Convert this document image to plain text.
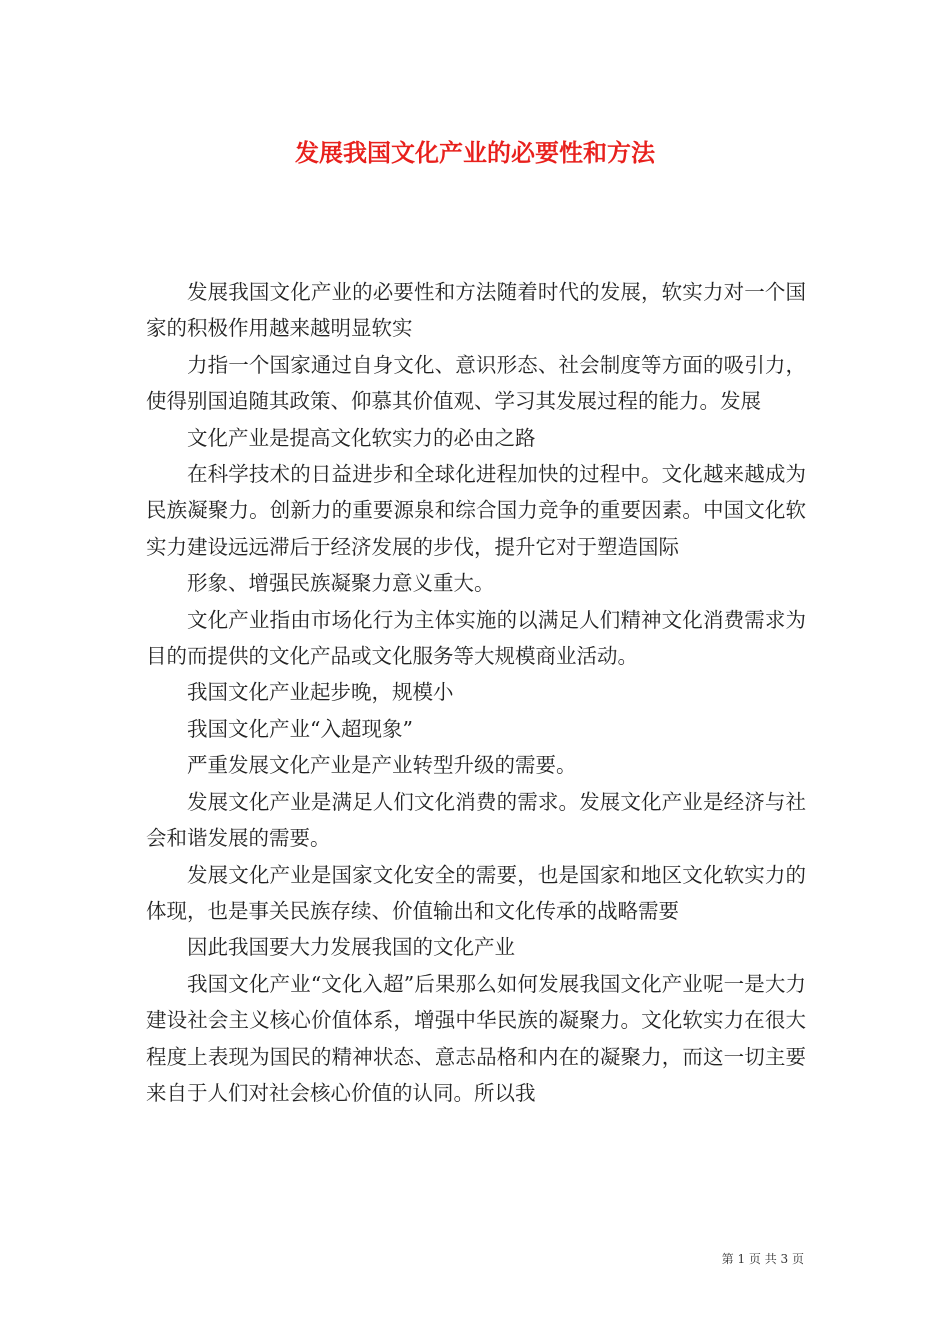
发展我国文化产业的必要性和方法

发展我国文化产业的必要性和方法随着时代的发展，软实力对一个国家的积极作用越来越明显软实

力指一个国家通过自身文化、意识形态、社会制度等方面的吸引力，使得别国追随其政策、仰慕其价值观、学习其发展过程的能力。发展

文化产业是提高文化软实力的必由之路

在科学技术的日益进步和全球化进程加快的过程中。文化越来越成为民族凝聚力。创新力的重要源泉和综合国力竞争的重要因素。中国文化软实力建设远远滞后于经济发展的步伐，提升它对于塑造国际

形象、增强民族凝聚力意义重大。

文化产业指由市场化行为主体实施的以满足人们精神文化消费需求为目的而提供的文化产品或文化服务等大规模商业活动。

我国文化产业起步晚，规模小

我国文化产业“入超现象”

严重发展文化产业是产业转型升级的需要。

发展文化产业是满足人们文化消费的需求。发展文化产业是经济与社会和谐发展的需要。

发展文化产业是国家文化安全的需要，也是国家和地区文化软实力的体现，也是事关民族存续、价值输出和文化传承的战略需要

因此我国要大力发展我国的文化产业

我国文化产业“文化入超”后果那么如何发展我国文化产业呢一是大力建设社会主义核心价值体系，增强中华民族的凝聚力。文化软实力在很大程度上表现为国民的精神状态、意志品格和内在的凝聚力，而这一切主要来自于人们对社会核心价值的认同。所以我

第 1 页 共 3 页
